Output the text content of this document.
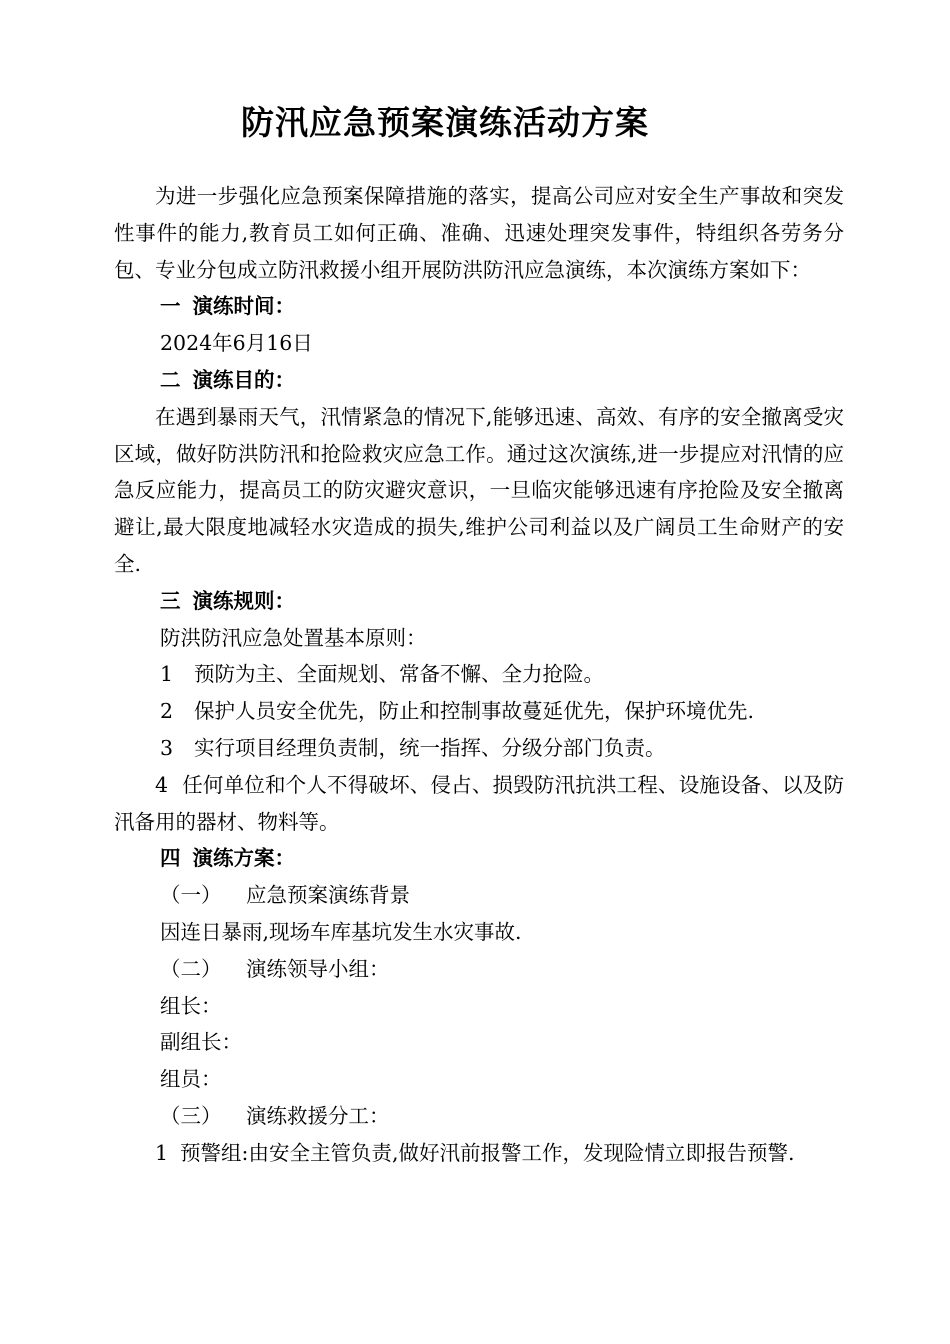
防汛应急预案演练活动方案

为进一步强化应急预案保障措施的落实，提高公司应对安全生产事故和突发性事件的能力,教育员工如何正确、准确、迅速处理突发事件，特组织各劳务分包、专业分包成立防汛救援小组开展防洪防汛应急演练，本次演练方案如下：

一 演练时间：

2024年6月16日

二 演练目的：

在遇到暴雨天气，汛情紧急的情况下,能够迅速、高效、有序的安全撤离受灾区域，做好防洪防汛和抢险救灾应急工作。通过这次演练,进一步提应对汛情的应急反应能力，提高员工的防灾避灾意识，一旦临灾能够迅速有序抢险及安全撤离避让,最大限度地减轻水灾造成的损失,维护公司利益以及广阔员工生命财产的安全.

三 演练规则：

防洪防汛应急处置基本原则：

1 预防为主、全面规划、常备不懈、全力抢险。

2 保护人员安全优先，防止和控制事故蔓延优先，保护环境优先.

3 实行项目经理负责制，统一指挥、分级分部门负责。

4 任何单位和个人不得破坏、侵占、损毁防汛抗洪工程、设施设备、以及防汛备用的器材、物料等。

四 演练方案：

（一） 应急预案演练背景

因连日暴雨,现场车库基坑发生水灾事故.

（二） 演练领导小组：

组长：

副组长：

组员：

（三） 演练救援分工：

1 预警组:由安全主管负责,做好汛前报警工作，发现险情立即报告预警.
